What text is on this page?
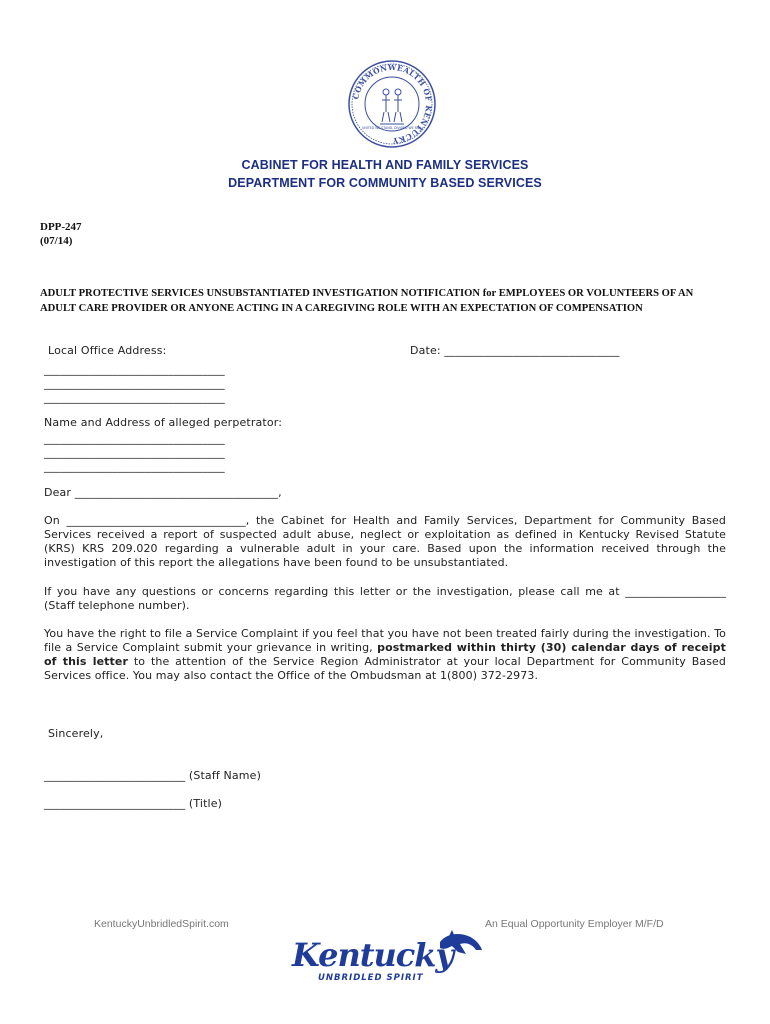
COMMONWEALTH OF KENTUCKY
UNITED WE STAND, DIVIDED WE FALL
CABINET FOR HEALTH AND FAMILY SERVICES
DEPARTMENT FOR COMMUNITY BASED SERVICES
DPP-247
(07/14)
ADULT PROTECTIVE SERVICES UNSUBSTANTIATED INVESTIGATION NOTIFICATION for EMPLOYEES OR VOLUNTEERS OF AN
ADULT CARE PROVIDER OR ANYONE ACTING IN A CAREGIVING ROLE WITH AN EXPECTATION OF COMPENSATION
Local Office Address:	Date: _______________________________
________________________________
________________________________
________________________________
Name and Address of alleged perpetrator:
________________________________
________________________________
________________________________
Dear ____________________________________,
On ________________________________, the Cabinet for Health and Family Services, Department for Community Based Services received a report of suspected adult abuse, neglect or exploitation as defined in Kentucky Revised Statute (KRS) KRS 209.020 regarding a vulnerable adult in your care. Based upon the information received through the investigation of this report the allegations have been found to be unsubstantiated.
If you have any questions or concerns regarding this letter or the investigation, please call me at __________________ (Staff telephone number).
You have the right to file a Service Complaint if you feel that you have not been treated fairly during the investigation. To file a Service Complaint submit your grievance in writing, postmarked within thirty (30) calendar days of receipt of this letter to the attention of the Service Region Administrator at your local Department for Community Based Services office. You may also contact the Office of the Ombudsman at 1(800) 372-2973.
Sincerely,
_________________________ (Staff Name)
_________________________ (Title)
KentuckyUnbridledSpirit.com	An Equal Opportunity Employer M/F/D
Kentucky
UNBRIDLED SPIRIT
